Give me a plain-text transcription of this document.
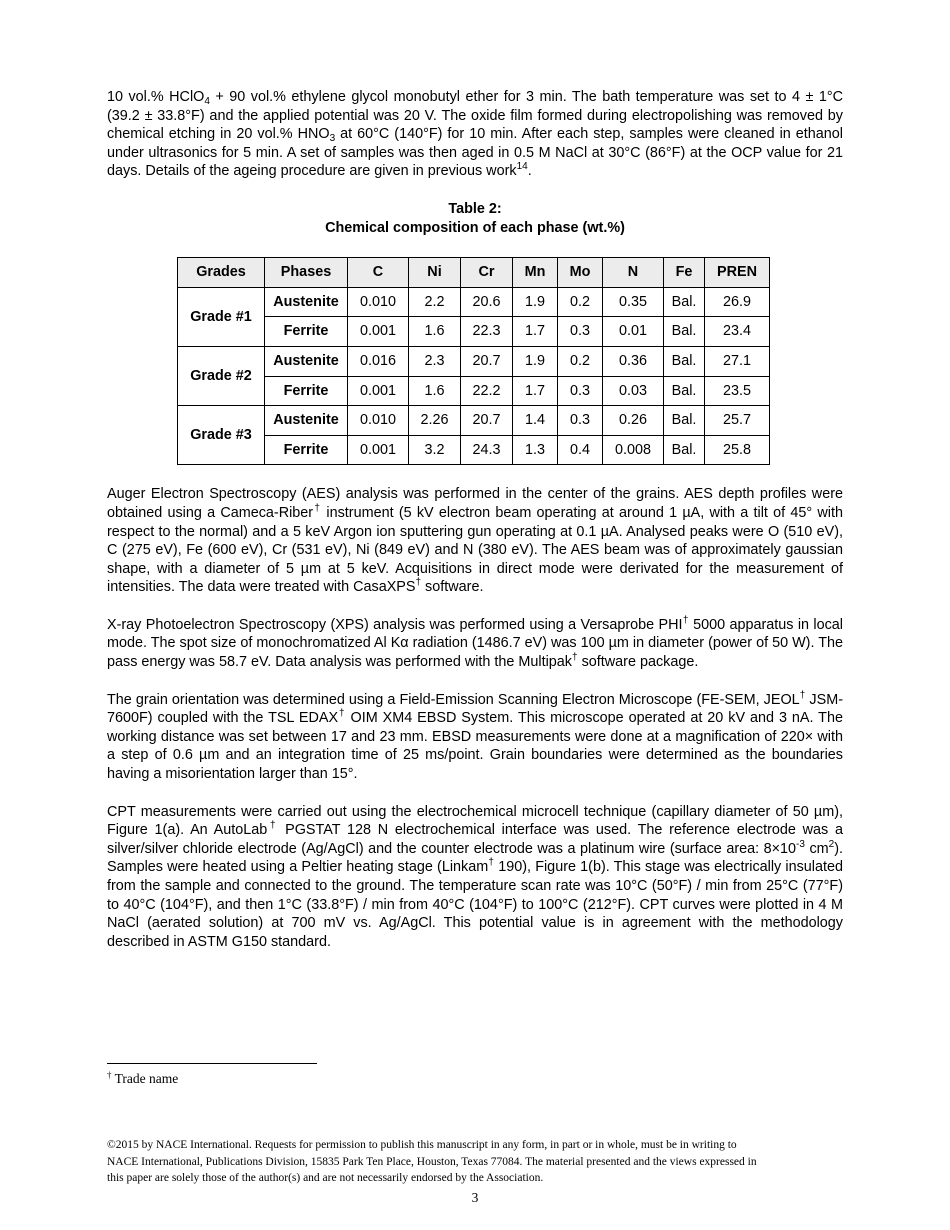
10 vol.% HClO$_4$ + 90 vol.% ethylene glycol monobutyl ether for 3 min. The bath temperature was set to 4 ± 1°C (39.2 ± 33.8°F) and the applied potential was 20 V. The oxide film formed during electropolishing was removed by chemical etching in 20 vol.% $HNO_3$ at 60°C (140°F) for 10 min. After each step, samples were cleaned in ethanol under ultrasonics for 5 min. A set of samples was then aged in 0.5 M NaCl at 30°C (86°F) at the OCP value for 21 days. Details of the ageing procedure are given in previous work$^{14}$.

Table 2:
Chemical composition of each phase (wt.%)
Grades	Phases	C	Ni	Cr	Mn	Mo	N	Fe	PREN
Grade #1	Austenite	0.010	2.2	20.6	1.9	0.2	0.35	Bal.	26.9
	Ferrite	0.001	1.6	22.3	1.7	0.3	0.01	Bal.	23.4
Grade #2	Austenite	0.016	2.3	20.7	1.9	0.2	0.36	Bal.	27.1
	Ferrite	0.001	1.6	22.2	1.7	0.3	0.03	Bal.	23.5
Grade #3	Austenite	0.010	2.26	20.7	1.4	0.3	0.26	Bal.	25.7
	Ferrite	0.001	3.2	24.3	1.3	0.4	0.008	Bal.	25.8

Auger Electron Spectroscopy (AES) analysis was performed in the center of the grains. AES depth profiles were obtained using a Cameca-Riber† instrument (5 kV electron beam operating at around 1 µA, with a tilt of 45° with respect to the normal) and a 5 keV Argon ion sputtering gun operating at 0.1 µA. Analysed peaks were O (510 eV), C (275 eV), Fe (600 eV), Cr (531 eV), Ni (849 eV) and N (380 eV). The AES beam was of approximately gaussian shape, with a diameter of 5 µm at 5 keV. Acquisitions in direct mode were derivated for the measurement of intensities. The data were treated with CasaXPS† software.

X-ray Photoelectron Spectroscopy (XPS) analysis was performed using a Versaprobe PHI† 5000 apparatus in local mode. The spot size of monochromatized Al Kα radiation (1486.7 eV) was 100 µm in diameter (power of 50 W). The pass energy was 58.7 eV. Data analysis was performed with the Multipak† software package.

The grain orientation was determined using a Field-Emission Scanning Electron Microscope (FE-SEM, JEOL† JSM-7600F) coupled with the TSL EDAX† OIM XM4 EBSD System. This microscope operated at 20 kV and 3 nA. The working distance was set between 17 and 23 mm. EBSD measurements were done at a magnification of 220× with a step of 0.6 µm and an integration time of 25 ms/point. Grain boundaries were determined as the boundaries having a misorientation larger than 15°.

CPT measurements were carried out using the electrochemical microcell technique (capillary diameter of 50 µm), Figure 1(a). An AutoLab† PGSTAT 128 N electrochemical interface was used. The reference electrode was a silver/silver chloride electrode (Ag/AgCl) and the counter electrode was a platinum wire (surface area: $8\times 10^{-3}$ $cm^2$). Samples were heated using a Peltier heating stage (Linkam† 190), Figure 1(b). This stage was electrically insulated from the sample and connected to the ground. The temperature scan rate was 10°C (50°F) / min from 25°C (77°F) to 40°C (104°F), and then 1°C (33.8°F) / min from 40°C (104°F) to 100°C (212°F). CPT curves were plotted in 4 M NaCl (aerated solution) at 700 mV vs. Ag/AgCl. This potential value is in agreement with the methodology described in ASTM G150 standard.

† Trade name
©2015 by NACE International. Requests for permission to publish this manuscript in any form, in part or in whole, must be in writing to
NACE International, Publications Division, 15835 Park Ten Place, Houston, Texas 77084. The material presented and the views expressed in
this paper are solely those of the author(s) and are not necessarily endorsed by the Association.
3
